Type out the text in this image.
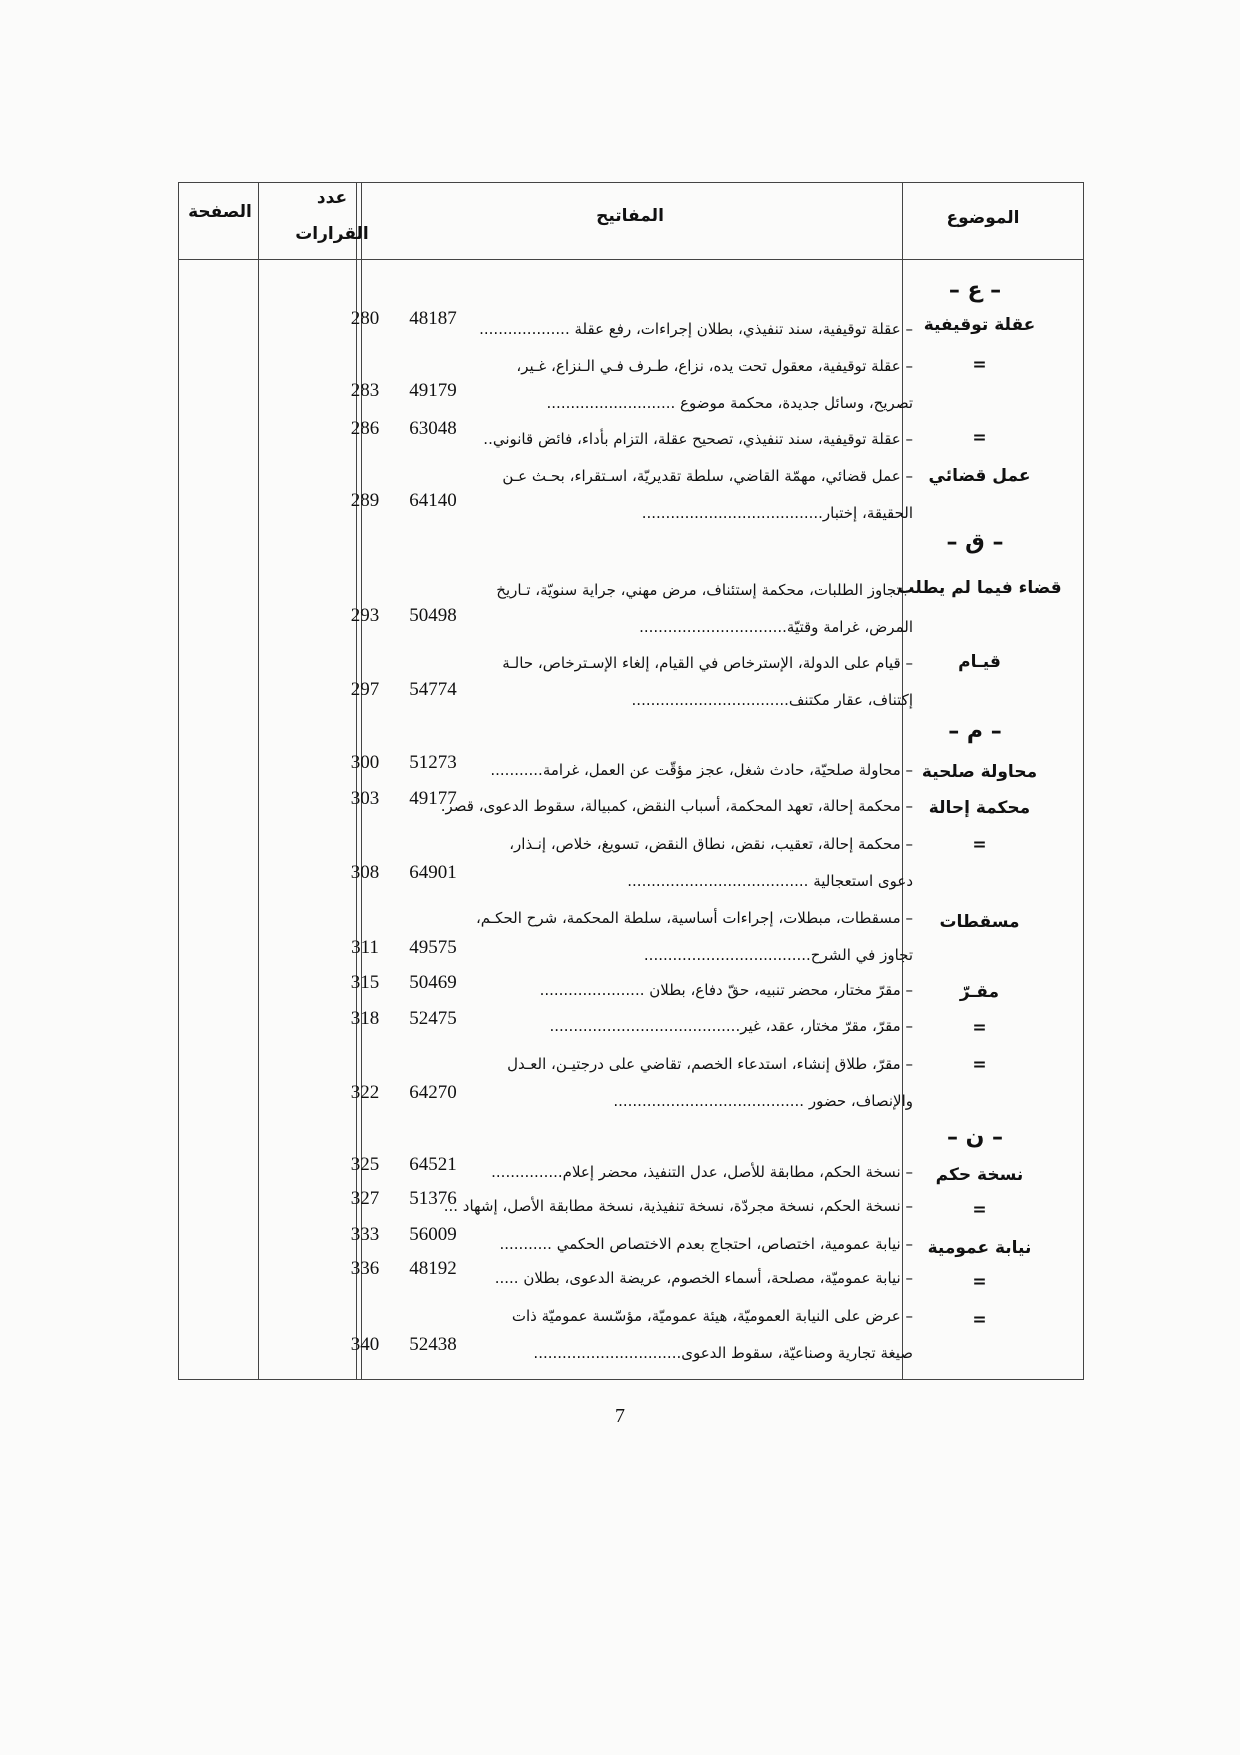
الموضوع
المفاتيح
عدد
القرارات
الصفحة
– ع –
– ق –
– م –
– ن –
عقلة توقيفية
– عقلة توقيفية، سند تنفيذي، بطلان إجراءات، رفع عقلة ...................
48187
280
=
– عقلة توقيفية، معقول تحت يده، نزاع، طـرف فـي الـنزاع، غـير،
تصريح، وسائل جديدة، محكمة موضوع ...........................
49179
283
=
– عقلة توقيفية، سند تنفيذي، تصحيح عقلة، التزام بأداء، فائض قانوني..
63048
286
عمل قضائي
– عمل قضائي، مهمّة القاضي، سلطة تقديريّة، اسـتقراء، بحـث عـن
الحقيقة، إختبار......................................
64140
289
قضاء فيما لم يطلب
– تجاوز الطلبات، محكمة إستئناف، مرض مهني، جراية سنويّة، تـاريخ
المرض، غرامة وقتيّة...............................
50498
293
قيـام
– قيام على الدولة، الإسترخاص في القيام، إلغاء الإسـترخاص، حالـة
إكتناف، عقار مكتنف.................................
54774
297
محاولة صلحية
– محاولة صلحيّة، حادث شغل، عجز مؤقّت عن العمل، غرامة...........
51273
300
محكمة إحالة
– محكمة إحالة، تعهد المحكمة، أسباب النقض، كمبيالة، سقوط الدعوى، قصر.
49177
303
=
– محكمة إحالة، تعقيب، نقض، نطاق النقض، تسويغ، خلاص، إنـذار،
دعوى استعجالية ......................................
64901
308
مسقطات
– مسقطات، مبطلات، إجراءات أساسية، سلطة المحكمة، شرح الحكـم،
تجاوز في الشرح...................................
49575
311
مقـرّ
– مقرّ مختار، محضر تنبيه، حقّ دفاع، بطلان ......................
50469
315
=
– مقرّ، مقرّ مختار، عقد، غير........................................
52475
318
=
– مقرّ، طلاق إنشاء، استدعاء الخصم، تقاضي على درجتيـن، العـدل
والإنصاف، حضور ........................................
64270
322
نسخة حكم
– نسخة الحكم، مطابقة للأصل، عدل التنفيذ، محضر إعلام...............
64521
325
=
– نسخة الحكم، نسخة مجردّة، نسخة تنفيذية، نسخة مطابقة الأصل، إشهاد ...
51376
327
نيابة عمومية
– نيابة عمومية، اختصاص، احتجاج بعدم الاختصاص الحكمي ...........
56009
333
=
– نيابة عموميّة، مصلحة، أسماء الخصوم، عريضة الدعوى، بطلان .....
48192
336
=
– عرض على النيابة العموميّة، هيئة عموميّة، مؤسّسة عموميّة ذات
صيغة تجارية وصناعيّة، سقوط الدعوى...............................
52438
340
7
